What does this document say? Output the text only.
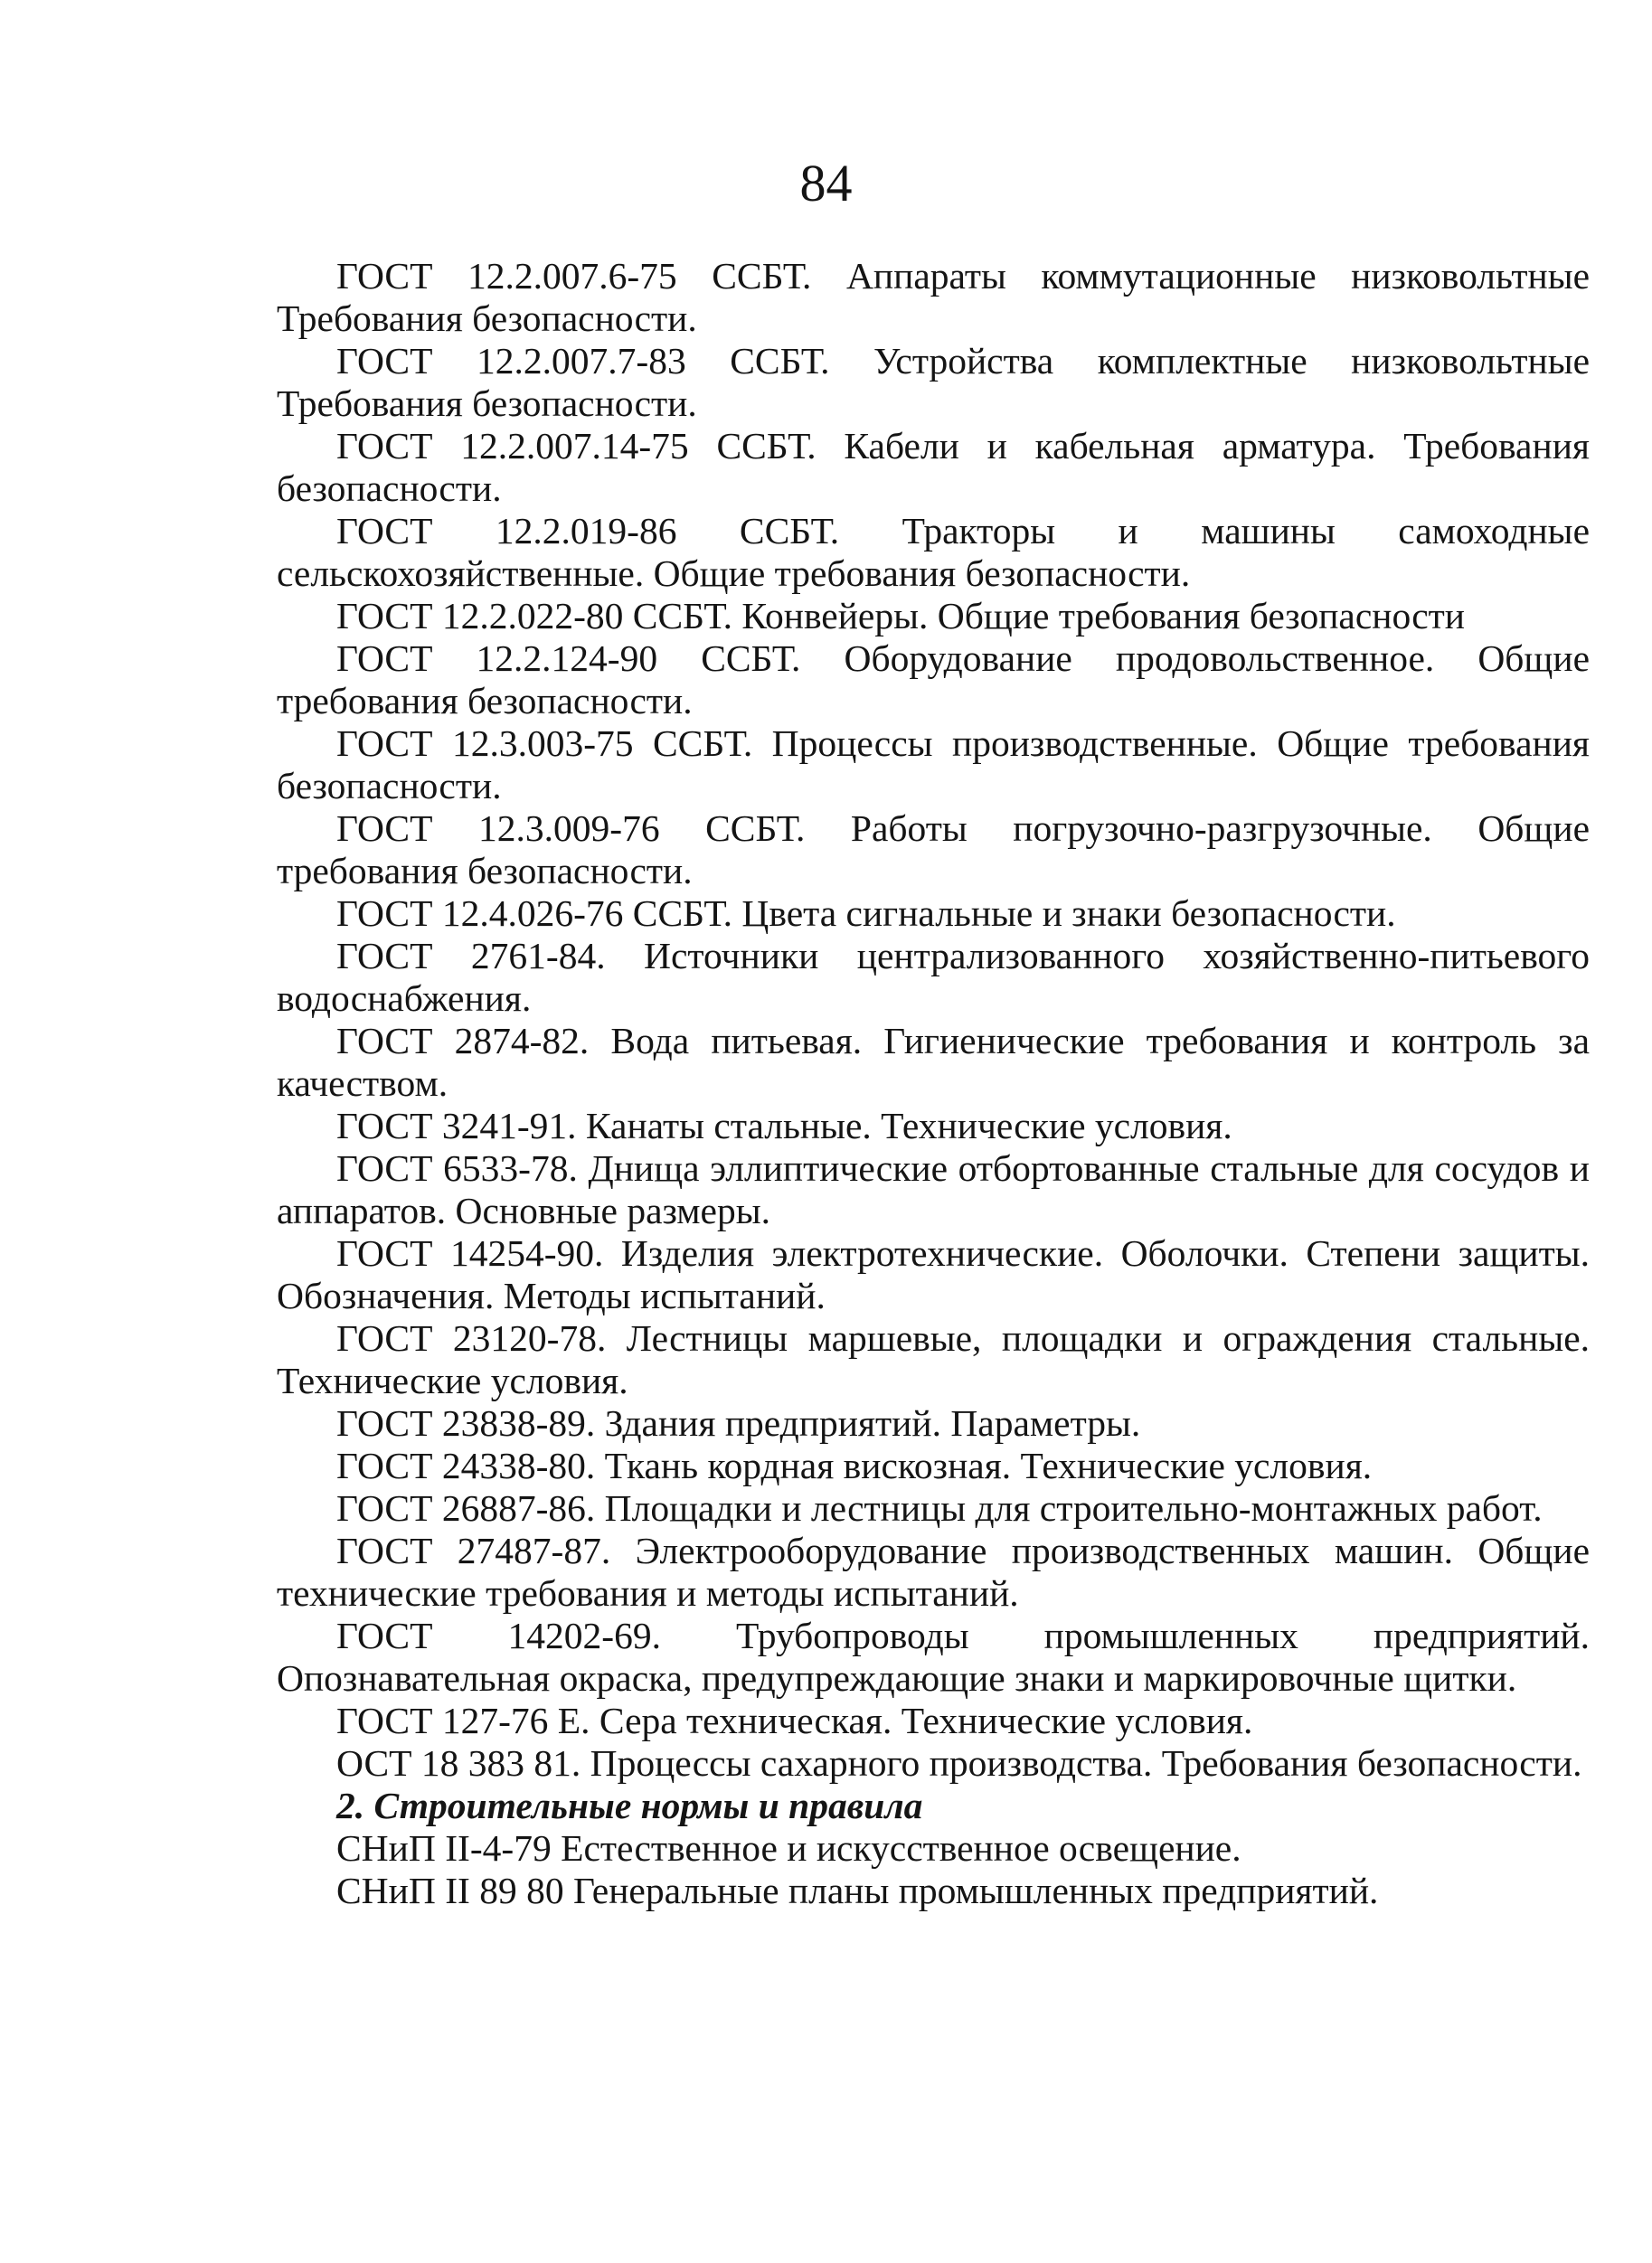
84

ГОСТ 12.2.007.6-75 ССБТ. Аппараты коммутационные низковольтные Требования безопасности.

ГОСТ 12.2.007.7-83 ССБТ. Устройства комплектные низковольтные Требования безопасности.

ГОСТ 12.2.007.14-75 ССБТ. Кабели и кабельная арматура. Требования безопасности.

ГОСТ 12.2.019-86 ССБТ. Тракторы и машины самоходные сельскохозяйственные. Общие требования безопасности.

ГОСТ 12.2.022-80 ССБТ. Конвейеры. Общие требования безопасности

ГОСТ 12.2.124-90 ССБТ. Оборудование продовольственное. Общие требования безопасности.

ГОСТ 12.3.003-75 ССБТ. Процессы производственные. Общие требования безопасности.

ГОСТ 12.3.009-76 ССБТ. Работы погрузочно-разгрузочные. Общие требования безопасности.

ГОСТ 12.4.026-76 ССБТ. Цвета сигнальные и знаки безопасности.

ГОСТ 2761-84. Источники централизованного хозяйственно-питьевого водоснабжения.

ГОСТ 2874-82. Вода питьевая. Гигиенические требования и контроль за качеством.

ГОСТ 3241-91. Канаты стальные. Технические условия.

ГОСТ 6533-78. Днища эллиптические отбортованные стальные для сосудов и аппаратов. Основные размеры.

ГОСТ 14254-90. Изделия электротехнические. Оболочки. Степени защиты. Обозначения. Методы испытаний.

ГОСТ 23120-78. Лестницы маршевые, площадки и ограждения стальные. Технические условия.

ГОСТ 23838-89. Здания предприятий. Параметры.

ГОСТ 24338-80. Ткань кордная вискозная. Технические условия.

ГОСТ 26887-86. Площадки и лестницы для строительно-монтажных работ.

ГОСТ 27487-87. Электрооборудование производственных машин. Общие технические требования и методы испытаний.

ГОСТ 14202-69. Трубопроводы промышленных предприятий. Опознавательная окраска, предупреждающие знаки и маркировочные щитки.

ГОСТ 127-76 Е. Сера техническая. Технические условия.

ОСТ 18 383 81. Процессы сахарного производства. Требования безопасности.

2. Строительные нормы и правила

СНиП II-4-79 Естественное и искусственное освещение.

СНиП II 89 80 Генеральные планы промышленных предприятий.
